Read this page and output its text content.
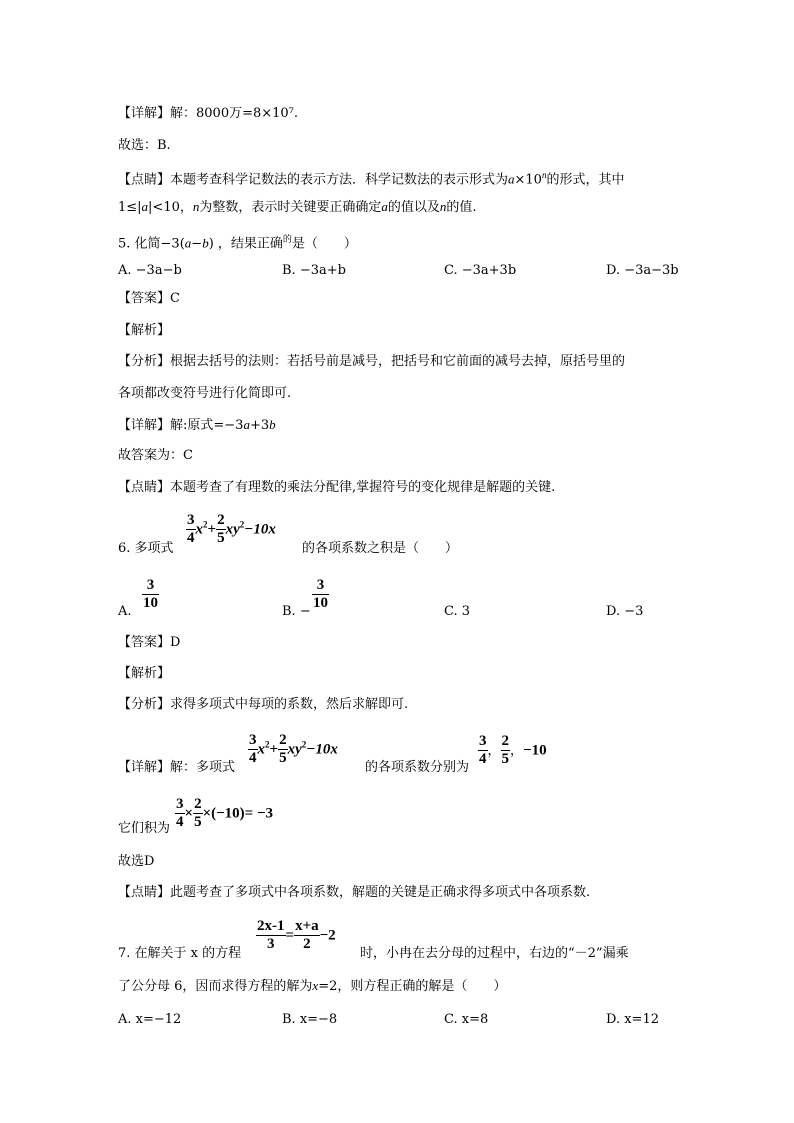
【详解】解：8000万=8×10⁷.
故选：B.
【点睛】本题考查科学记数法的表示方法．科学记数法的表示形式为$a\times 10^n$的形式，其中
1≤|a|<10，n为整数，表示时关键要正确确定a的值以及n的值.
5. 化简−3(a−b) ，结果正确$^的$是（　　）
A. −3a−b	B. −3a+b	C. −3a+3b	D. −3a−3b
【答案】C
【解析】
【分析】根据去括号的法则：若括号前是减号，把括号和它前面的减号去掉，原括号里的
各项都改变符号进行化简即可.
【详解】解:原式=−3a+3b
故答案为：C
【点睛】本题考查了有理数的乘法分配律,掌握符号的变化规律是解题的关键.
$\frac{3}{4} x^2+ \frac{2}{5} xy^2-10x$
6. 多项式	的各项系数之积是（　　）
A. $\frac{3}{10}$	B. − $\frac{3}{10}$	C. 3	D. −3
【答案】D
【解析】
【分析】求得多项式中每项的系数，然后求解即可.
$\frac{3}{4} x^2+ \frac{2}{5} xy^2-10x$
【详解】解：多项式	的各项系数分别为 $\frac{3}{4}$ ， $\frac{2}{5}$ ，−10
$\frac{3}{4} \times \frac{2}{5} \times(-10)= -3$
它们积为
故选D
【点睛】此题考查了多项式中各项系数，解题的关键是正确求得多项式中各项系数.
$\frac{2x-1}{3} = \frac{x+a}{2} -2$
7. 在解关于 x 的方程	时，小冉在去分母的过程中，右边的“－2”漏乘
了公分母 6，因而求得方程的解为x=2，则方程正确的解是（　　）
A. x=−12	B. x=−8	C. x=8	D. x=12
